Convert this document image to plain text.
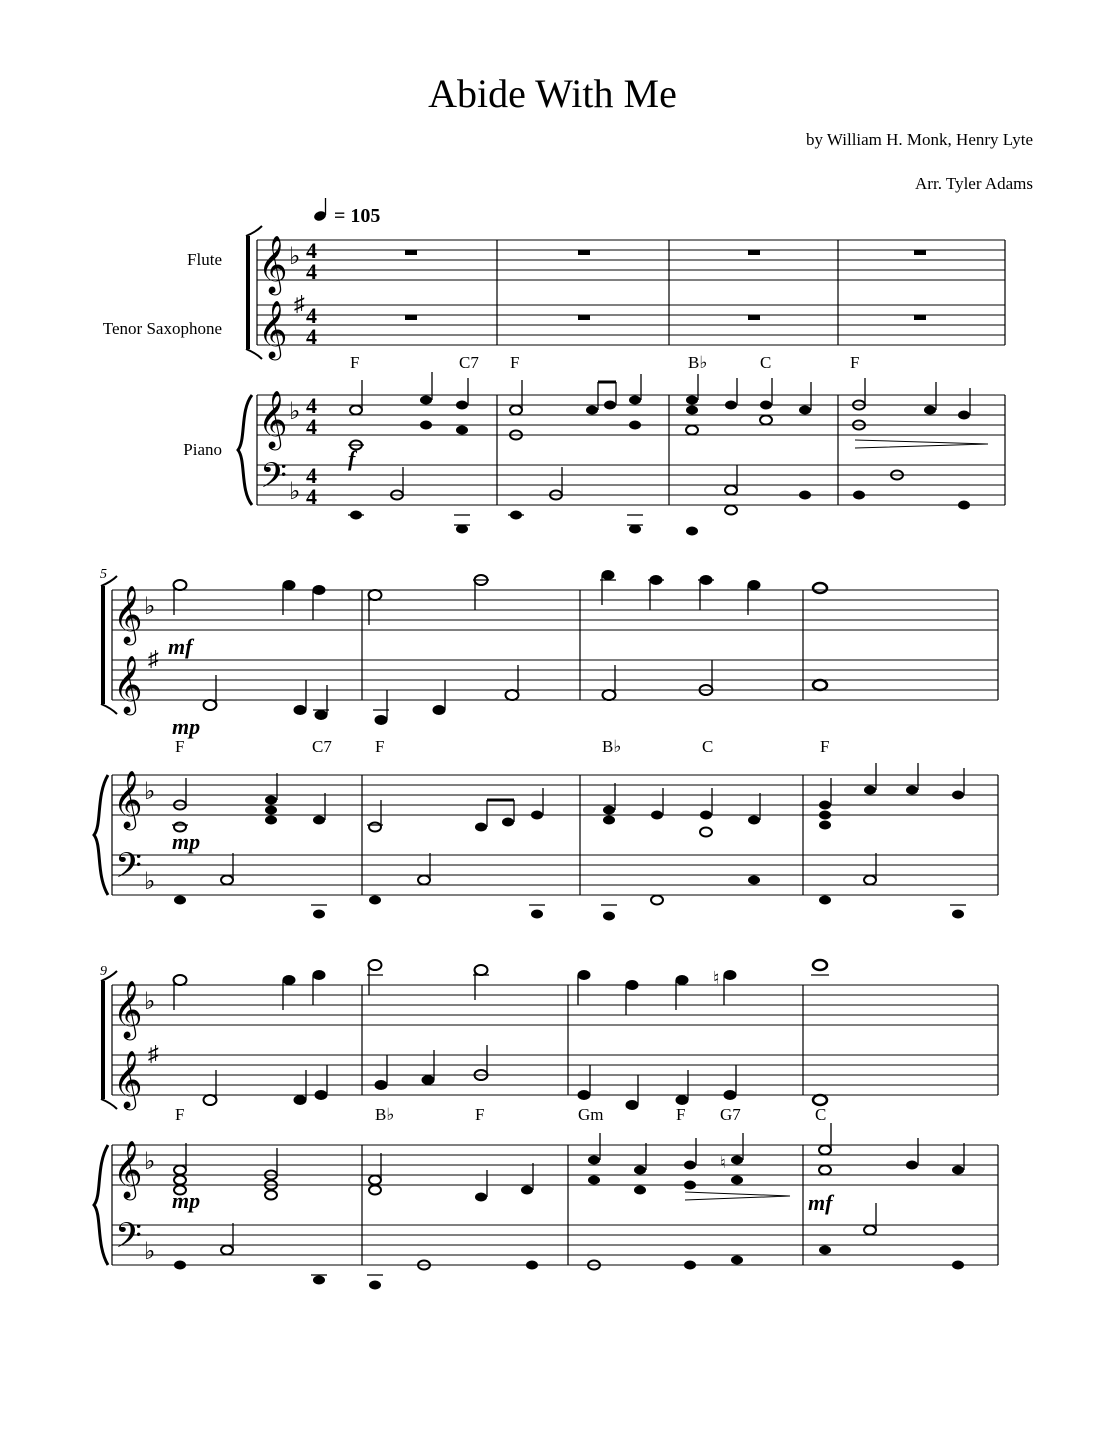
Abide With Me
by William H. Monk, Henry Lyte
Arr. Tyler Adams
= 105
Flute
Tenor Saxophone
Piano
𝄞
𝄞
𝄞
𝄢
♭
♯
♭
♭
4
4
4
4
4
4
4
4
F	C7 F	B♭	C	F
f
5
𝄞
𝄞
𝄞
𝄢
♭
♯
♭
♭
mf
mp
F	C7	F	B♭	C	F
mp
9
𝄞
𝄞
𝄞
𝄢
♭
♯
♭
♭
♮
F	B♭	F	Gm	F G7	C
♮
mp	mf
